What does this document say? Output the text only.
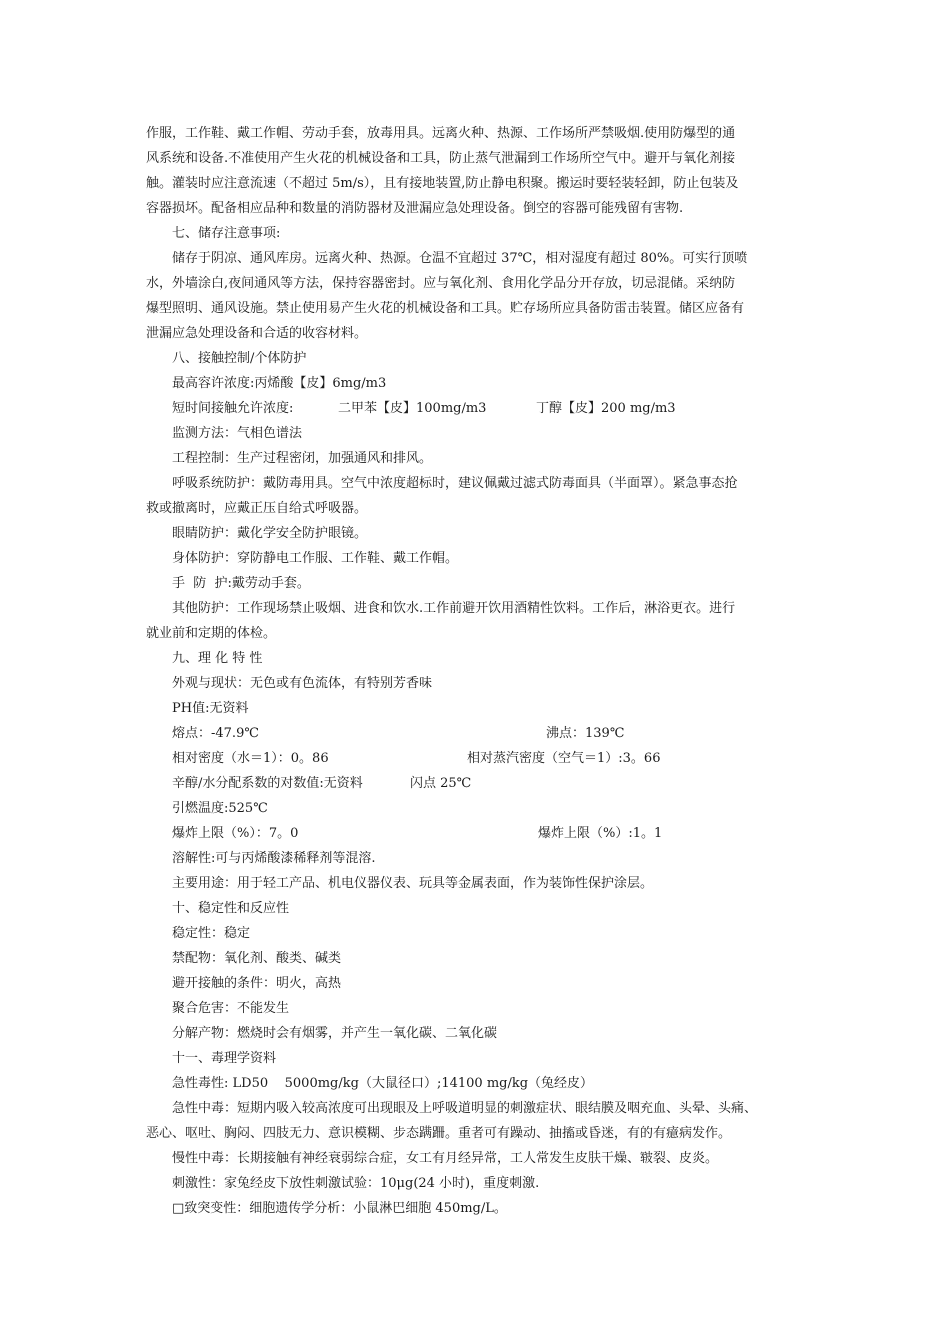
作服，工作鞋、戴工作帽、劳动手套，放毒用具。远离火种、热源、工作场所严禁吸烟.使用防爆型的通
风系统和设备.不准使用产生火花的机械设备和工具，防止蒸气泄漏到工作场所空气中。避开与氧化剂接
触。灌装时应注意流速（不超过 5m/s），且有接地装置,防止静电积聚。搬运时要轻装轻卸，防止包装及
容器损坏。配备相应品种和数量的消防器材及泄漏应急处理设备。倒空的容器可能残留有害物.
七、储存注意事项:
储存于阴凉、通风库房。远离火种、热源。仓温不宜超过 37℃，相对湿度有超过 80%。可实行顶喷
水，外墙涂白,夜间通风等方法，保持容器密封。应与氧化剂、食用化学品分开存放，切忌混储。采纳防
爆型照明、通风设施。禁止使用易产生火花的机械设备和工具。贮存场所应具备防雷击装置。储区应备有
泄漏应急处理设备和合适的收容材料。
八、接触控制/个体防护
最高容许浓度:丙烯酸【皮】6mg/m3
短时间接触允许浓度:	二甲苯【皮】100mg/m3	丁醇【皮】200 mg/m3
监测方法：气相色谱法
工程控制：生产过程密闭，加强通风和排风。
呼吸系统防护：戴防毒用具。空气中浓度超标时，建议佩戴过滤式防毒面具（半面罩）。紧急事态抢
救或撤离时，应戴正压自给式呼吸器。
眼睛防护：戴化学安全防护眼镜。
身体防护：穿防静电工作服、工作鞋、戴工作帽。
手  防  护:戴劳动手套。
其他防护：工作现场禁止吸烟、进食和饮水.工作前避开饮用酒精性饮料。工作后，淋浴更衣。进行
就业前和定期的体检。
九、理 化 特 性
外观与现状：无色或有色流体，有特别芳香味
PH值:无资料
熔点：-47.9℃	沸点：139℃
相对密度（水＝1）：0。86	相对蒸汽密度（空气＝1）:3。66
辛醇/水分配系数的对数值:无资料	闪点 25℃
引燃温度:525℃
爆炸上限（%）：7。0	爆炸上限（%）:1。1
溶解性:可与丙烯酸漆稀释剂等混溶.
主要用途：用于轻工产品、机电仪器仪表、玩具等金属表面，作为装饰性保护涂层。
十、稳定性和反应性
稳定性：稳定
禁配物：氧化剂、酸类、碱类
避开接触的条件：明火，高热
聚合危害：不能发生
分解产物：燃烧时会有烟雾，并产生一氧化碳、二氧化碳
十一、毒理学资料
急性毒性: LD50    5000mg/kg（大鼠径口）;14100 mg/kg（兔经皮）
急性中毒：短期内吸入较高浓度可出现眼及上呼吸道明显的刺激症状、眼结膜及咽充血、头晕、头痛、
恶心、呕吐、胸闷、四肢无力、意识模糊、步态蹒跚。重者可有躁动、抽搐或昏迷，有的有癔病发作。
慢性中毒：长期接触有神经衰弱综合症，女工有月经异常，工人常发生皮肤干燥、皲裂、皮炎。
刺激性：家兔经皮下放性刺激试验：10μg(24 小时)，重度刺激.
□致突变性：细胞遗传学分析：小鼠淋巴细胞 450mg/L。
